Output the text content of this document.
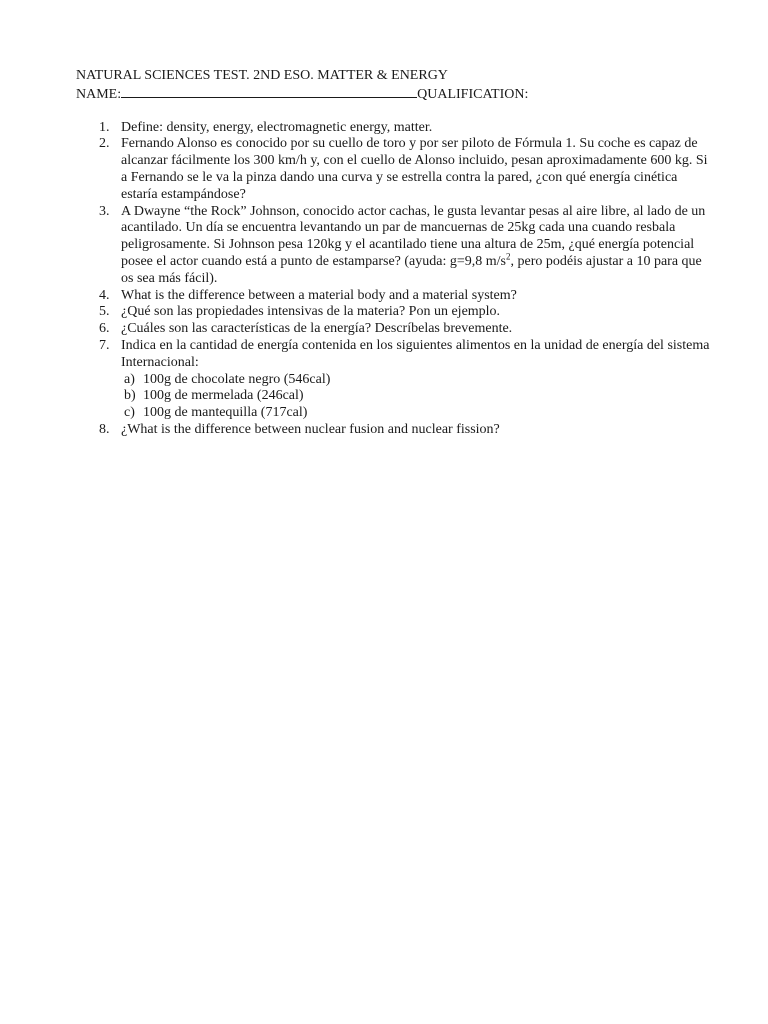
NATURAL SCIENCES TEST. 2ND ESO. MATTER & ENERGY
NAME:	QUALIFICATION:
1. Define: density, energy, electromagnetic energy, matter.
2. Fernando Alonso es conocido por su cuello de toro y por ser piloto de Fórmula 1. Su coche es capaz de alcanzar fácilmente los 300 km/h y, con el cuello de Alonso incluido, pesan aproximadamente 600 kg. Si a Fernando se le va la pinza dando una curva y se estrella contra la pared, ¿con qué energía cinética estaría estampándose?
3. A Dwayne “the Rock” Johnson, conocido actor cachas, le gusta levantar pesas al aire libre, al lado de un acantilado. Un día se encuentra levantando un par de mancuernas de 25kg cada una cuando resbala peligrosamente. Si Johnson pesa 120kg y el acantilado tiene una altura de 25m, ¿qué energía potencial posee el actor cuando está a punto de estamparse? (ayuda: g=9,8 $m/s^2$, pero podéis ajustar a 10 para que os sea más fácil).
4. What is the difference between a material body and a material system?
5. ¿Qué son las propiedades intensivas de la materia? Pon un ejemplo.
6. ¿Cuáles son las características de la energía? Descríbelas brevemente.
7. Indica en la cantidad de energía contenida en los siguientes alimentos en la unidad de energía del sistema Internacional:
a) 100g de chocolate negro (546cal)
b) 100g de mermelada (246cal)
c) 100g de mantequilla (717cal)
8. ¿What is the difference between nuclear fusion and nuclear fission?
